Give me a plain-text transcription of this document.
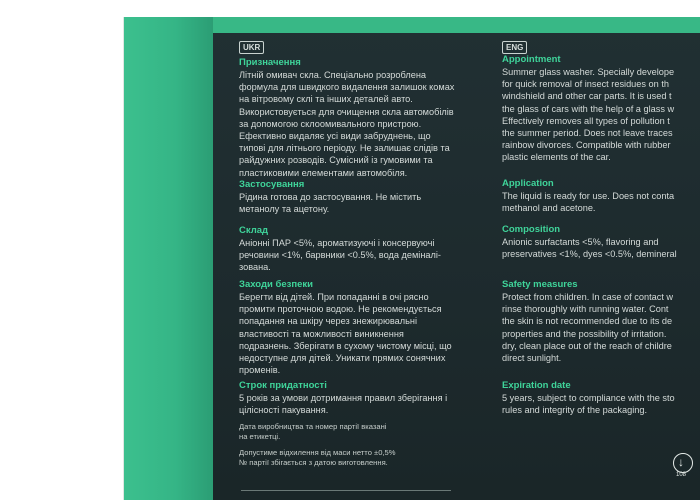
UKR
Призначення
Літній омивач скла. Спеціально розроблена
формула для швидкого видалення залишок комах
на вітровому склі та інших деталей авто.
Використовується для очищення скла автомобілів
за допомогою склоомивального пристрою.
Ефективно видаляє усі види забруднень, що
типові для літнього періоду. Не залишає слідів та
райдужних розводів. Сумісний із гумовими та
пластиковими елементами автомобіля.
Застосування
Рідина готова до застосування. Не містить
метанолу та ацетону.
Склад
Аніонні ПАР <5%, ароматизуючі і консервуючі
речовини <1%, барвники <0.5%, вода деміналі-
зована.
Заходи безпеки
Берегти від дітей. При попаданні в очі рясно
промити проточною водою. Не рекомендується
попадання на шкіру через знежирювальні
властивості та можливості виникнення
подразнень. Зберігати в сухому чистому місці, що
недоступне для дітей. Уникати прямих сонячних
променів.
Строк придатності
5 років за умови дотримання правил зберігання і
цілісності пакування.
Дата виробництва та номер партії вказані
на етикетці.
Допустиме відхилення від маси нетто ±0,5%
№ партії збігається з датою виготовлення.
ENG
Appointment
Summer glass washer. Specially develope
for quick removal of insect residues on th
windshield and other car parts. It is used t
the glass of cars with the help of a glass w
Effectively removes all types of pollution t
the summer period. Does not leave traces
rainbow divorces. Compatible with rubber
plastic elements of the car.
Application
The liquid is ready for use. Does not conta
methanol and acetone.
Composition
Anionic surfactants <5%, flavoring and
preservatives <1%, dyes <0.5%, demineral
Safety measures
Protect from children. In case of contact w
rinse thoroughly with running water. Cont
the skin is not recommended due to its de
properties and the possibility of irritation.
dry, clean place out of the reach of childre
direct sunlight.
Expiration date
5 years, subject to compliance with the sto
rules and integrity of the packaging.
↓
108
